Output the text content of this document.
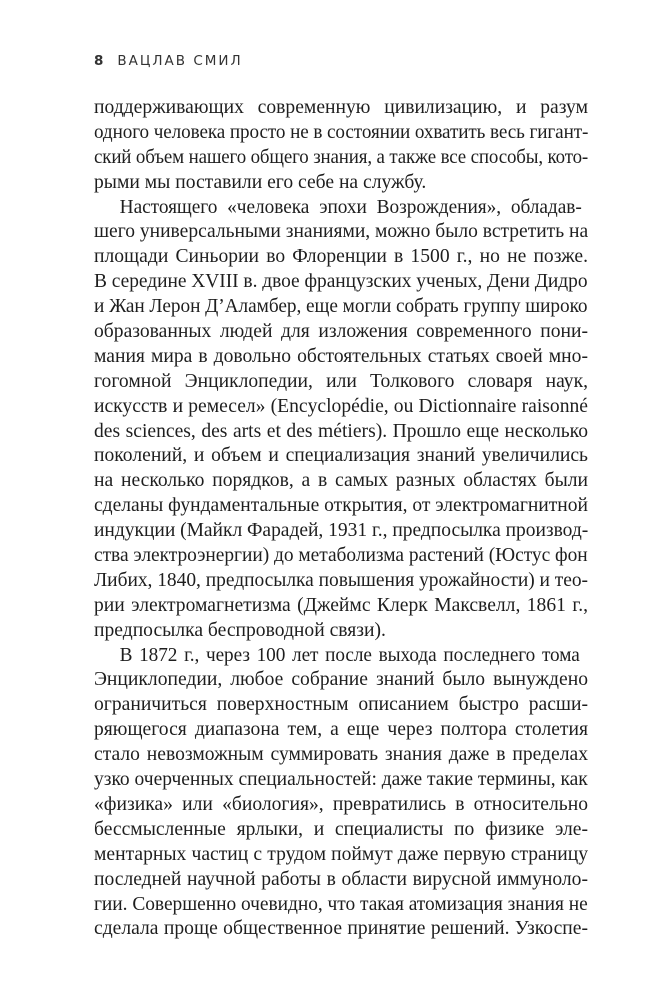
8 ВАЦЛАВ СМИЛ
поддерживающих современную цивилизацию, и разум
одного человека просто не в состоянии охватить весь гигант-
ский объем нашего общего знания, а также все способы, кото-
рыми мы поставили его себе на службу.
Настоящего «человека эпохи Возрождения», обладав-
шего универсальными знаниями, можно было встретить на
площади Синьории во Флоренции в 1500 г., но не позже.
В середине XVIII в. двое французских ученых, Дени Дидро
и Жан Лерон Д’Аламбер, еще могли собрать группу широко
образованных людей для изложения современного пони-
мания мира в довольно обстоятельных статьях своей мно-
гогомной Энциклопедии, или Толкового словаря наук,
искусств и ремесел» (Encyclopédie, ou Dictionnaire raisonné
des sciences, des arts et des métiers). Прошло еще несколько
поколений, и объем и специализация знаний увеличились
на несколько порядков, а в самых разных областях были
сделаны фундаментальные открытия, от электромагнитной
индукции (Майкл Фарадей, 1931 г., предпосылка производ-
ства электроэнергии) до метаболизма растений (Юстус фон
Либих, 1840, предпосылка повышения урожайности) и тео-
рии электромагнетизма (Джеймс Клерк Максвелл, 1861 г.,
предпосылка беспроводной связи).
В 1872 г., через 100 лет после выхода последнего тома
Энциклопедии, любое собрание знаний было вынуждено
ограничиться поверхностным описанием быстро расши-
ряющегося диапазона тем, а еще через полтора столетия
стало невозможным суммировать знания даже в пределах
узко очерченных специальностей: даже такие термины, как
«физика» или «биология», превратились в относительно
бессмысленные ярлыки, и специалисты по физике эле-
ментарных частиц с трудом поймут даже первую страницу
последней научной работы в области вирусной иммуноло-
гии. Совершенно очевидно, что такая атомизация знания не
сделала проще общественное принятие решений. Узкоспе-
